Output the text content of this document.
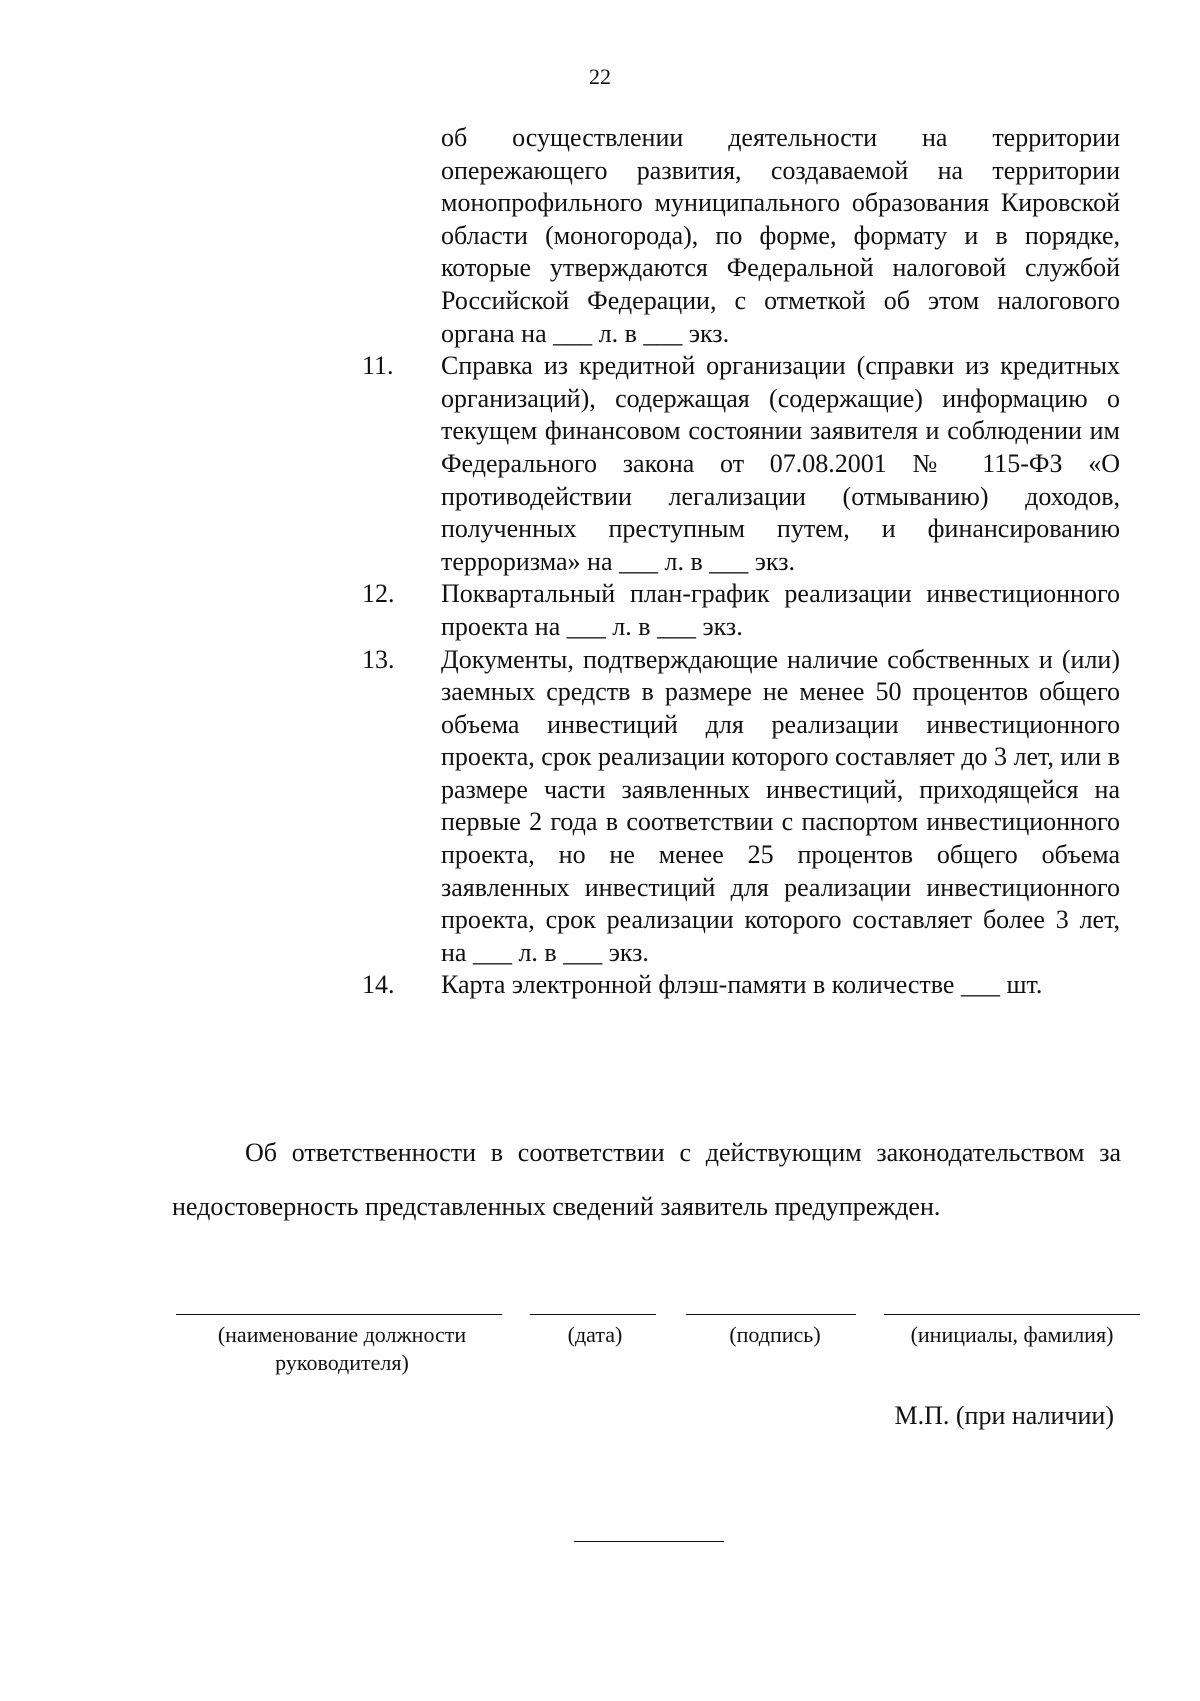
22
об осуществлении деятельности на территории опережающего развития, создаваемой на территории монопрофильного муниципального образования Кировской области (моногорода), по форме, формату и в порядке, которые утверждаются Федеральной налоговой службой Российской Федерации, с отметкой об этом налогового органа на ___ л. в ___ экз.
11.	Справка из кредитной организации (справки из кредитных организаций), содержащая (содержащие) информацию о текущем финансовом состоянии заявителя и соблюдении им Федерального закона от 07.08.2001 № 115-ФЗ «О противодействии легализации (отмыванию) доходов, полученных преступным путем, и финансированию терроризма» на ___ л. в ___ экз.
12.	Поквартальный план-график реализации инвестиционного проекта на ___ л. в ___ экз.
13.	Документы, подтверждающие наличие собственных и (или) заемных средств в размере не менее 50 процентов общего объема инвестиций для реализации инвестиционного проекта, срок реализации которого составляет до 3 лет, или в размере части заявленных инвестиций, приходящейся на первые 2 года в соответствии с паспортом инвестиционного проекта, но не менее 25 процентов общего объема заявленных инвестиций для реализации инвестиционного проекта, срок реализации которого составляет более 3 лет, на ___ л. в ___ экз.
14.	Карта электронной флэш-памяти в количестве ___ шт.
Об ответственности в соответствии с действующим законодательством за недостоверность представленных сведений заявитель предупрежден.
(наименование должности руководителя)
(дата)	(подпись)	(инициалы, фамилия)
М.П. (при наличии)
